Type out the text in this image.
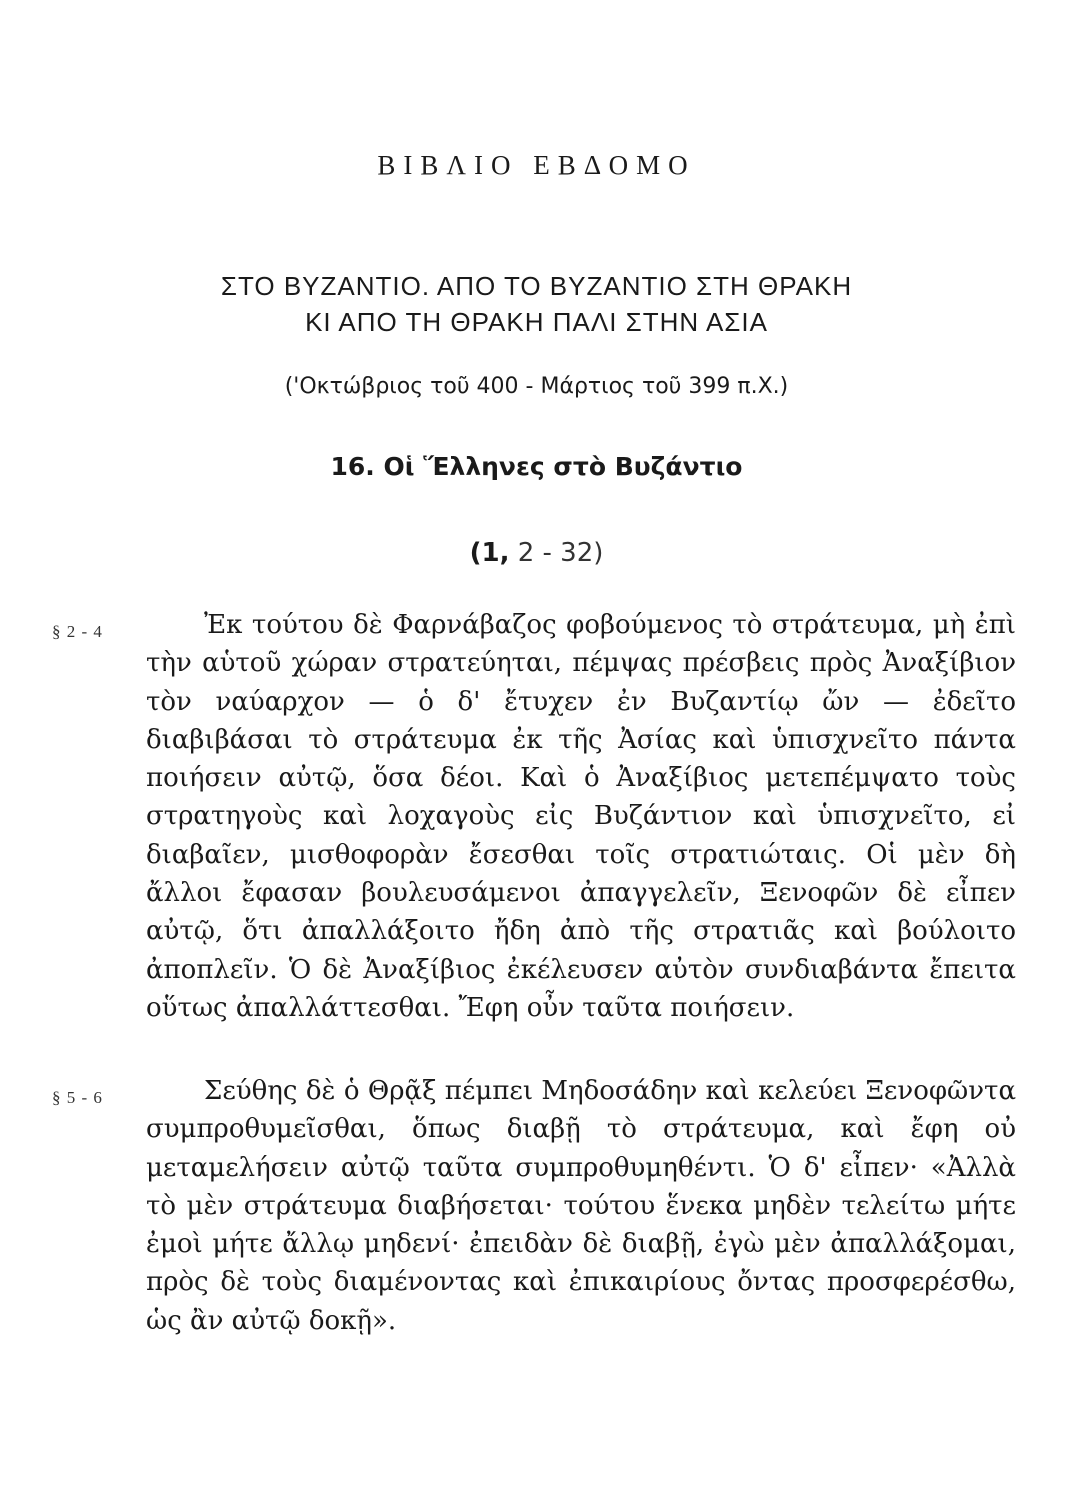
ΒΙΒΛΙΟ ΕΒΔΟΜΟ
ΣΤΟ ΒΥΖΑΝΤΙΟ. ΑΠΟ ΤΟ ΒΥΖΑΝΤΙΟ ΣΤΗ ΘΡΑΚΗ
ΚΙ ΑΠΟ ΤΗ ΘΡΑΚΗ ΠΑΛΙ ΣΤΗΝ ΑΣΙΑ

('Οκτώβριος τοῦ 400 - Μάρτιος τοῦ 399 π.Χ.)

16. Οἱ Ἕλληνες στὸ Βυζάντιο

(1, 2 - 32)

§ 2 - 4	Ἐκ τούτου δὲ Φαρνάβαζος φοβούμενος τὸ στράτευμα, μὴ ἐπὶ τὴν αὑτοῦ χώραν στρατεύηται, πέμψας πρέσβεις πρὸς Ἀναξίβιον τὸν ναύαρχον — ὁ δ' ἔτυχεν ἐν Βυζαντίῳ ὤν — ἐδεῖτο διαβιβάσαι τὸ στράτευμα ἐκ τῆς Ἀσίας καὶ ὑπισχνεῖτο πάντα ποιήσειν αὐτῷ, ὅσα δέοι. Καὶ ὁ Ἀναξίβιος μετεπέμψατο τοὺς στρατηγοὺς καὶ λοχαγοὺς εἰς Βυζάντιον καὶ ὑπισχνεῖτο, εἰ διαβαῖεν, μισθοφορὰν ἔσεσθαι τοῖς στρατιώταις. Οἱ μὲν δὴ ἄλλοι ἔφασαν βουλευσάμενοι ἀπαγγελεῖν, Ξενοφῶν δὲ εἶπεν αὐτῷ, ὅτι ἀπαλλάξοιτο ἤδη ἀπὸ τῆς στρατιᾶς καὶ βούλοιτο ἀποπλεῖν. Ὁ δὲ Ἀναξίβιος ἐκέλευσεν αὐτὸν συνδιαβάντα ἔπειτα οὕτως ἀπαλλάττεσθαι. Ἔφη οὖν ταῦτα ποιήσειν.

§ 5 - 6	Σεύθης δὲ ὁ Θρᾷξ πέμπει Μηδοσάδην καὶ κελεύει Ξενοφῶντα συμπροθυμεῖσθαι, ὅπως διαβῇ τὸ στράτευμα, καὶ ἔφη οὐ μεταμελήσειν αὐτῷ ταῦτα συμπροθυμηθέντι. Ὁ δ' εἶπεν· «Ἀλλὰ τὸ μὲν στράτευμα διαβήσεται· τούτου ἕνεκα μηδὲν τελείτω μήτε ἐμοὶ μήτε ἄλλῳ μηδενί· ἐπειδὰν δὲ διαβῇ, ἐγὼ μὲν ἀπαλλάξομαι, πρὸς δὲ τοὺς διαμένοντας καὶ ἐπικαιρίους ὄντας προσφερέσθω, ὡς ἂν αὐτῷ δοκῇ».
